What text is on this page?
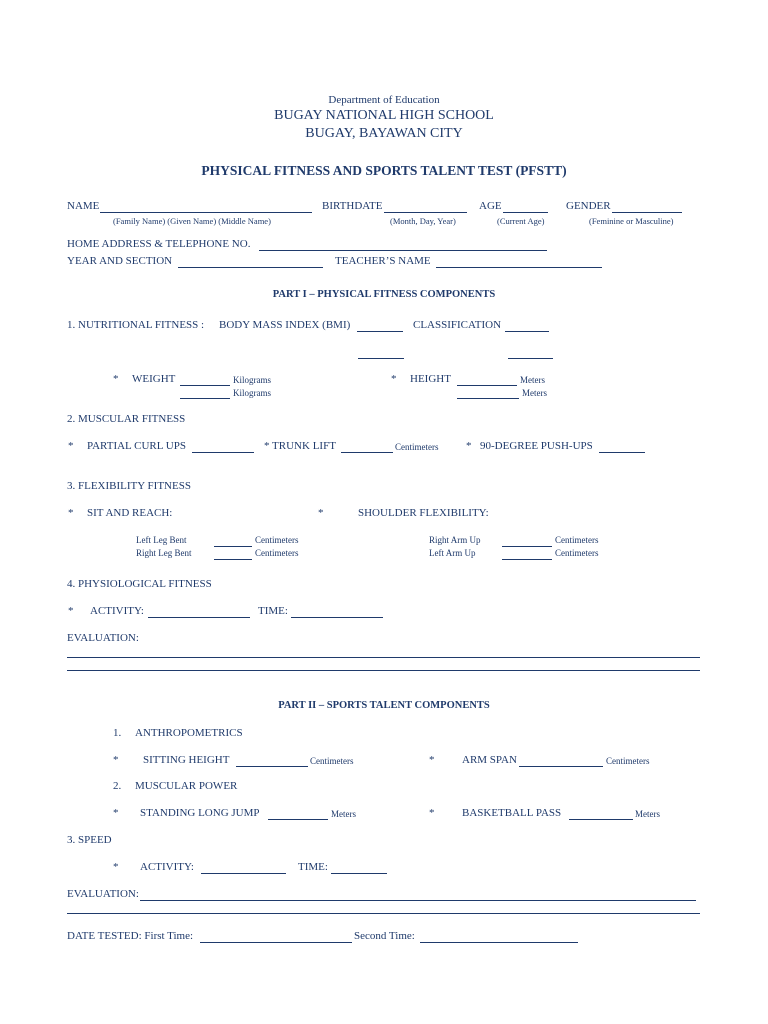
Department of Education
BUGAY NATIONAL HIGH SCHOOL
BUGAY, BAYAWAN CITY
PHYSICAL FITNESS AND SPORTS TALENT TEST (PFSTT)
NAME	BIRTHDATE	AGE	GENDER
(Family Name) (Given Name) (Middle Name)	(Month, Day, Year)	(Current Age)	(Feminine or Masculine)
HOME ADDRESS & TELEPHONE NO.
YEAR AND SECTION	TEACHER’S NAME
PART I – PHYSICAL FITNESS COMPONENTS
1. NUTRITIONAL FITNESS : BODY MASS INDEX (BMI)	CLASSIFICATION
* WEIGHT	Kilograms
Kilograms
* HEIGHT	Meters
Meters
2. MUSCULAR FITNESS
* PARTIAL CURL UPS	* TRUNK LIFT	Centimeters	* 90-DEGREE PUSH-UPS
3. FLEXIBILITY FITNESS
* SIT AND REACH:	*	SHOULDER FLEXIBILITY:
Left Leg Bent	Centimeters
Right Leg Bent	Centimeters
Right Arm Up	Centimeters
Left Arm Up	Centimeters
4. PHYSIOLOGICAL FITNESS
* ACTIVITY:	TIME:
EVALUATION:
PART II – SPORTS TALENT COMPONENTS
1. ANTHROPOMETRICS
* SITTING HEIGHT	Centimeters	*	ARM SPAN	Centimeters
2. MUSCULAR POWER
* STANDING LONG JUMP	Meters	*	BASKETBALL PASS	Meters
3. SPEED
* ACTIVITY:	TIME:
EVALUATION:
DATE TESTED: First Time:	Second Time:
